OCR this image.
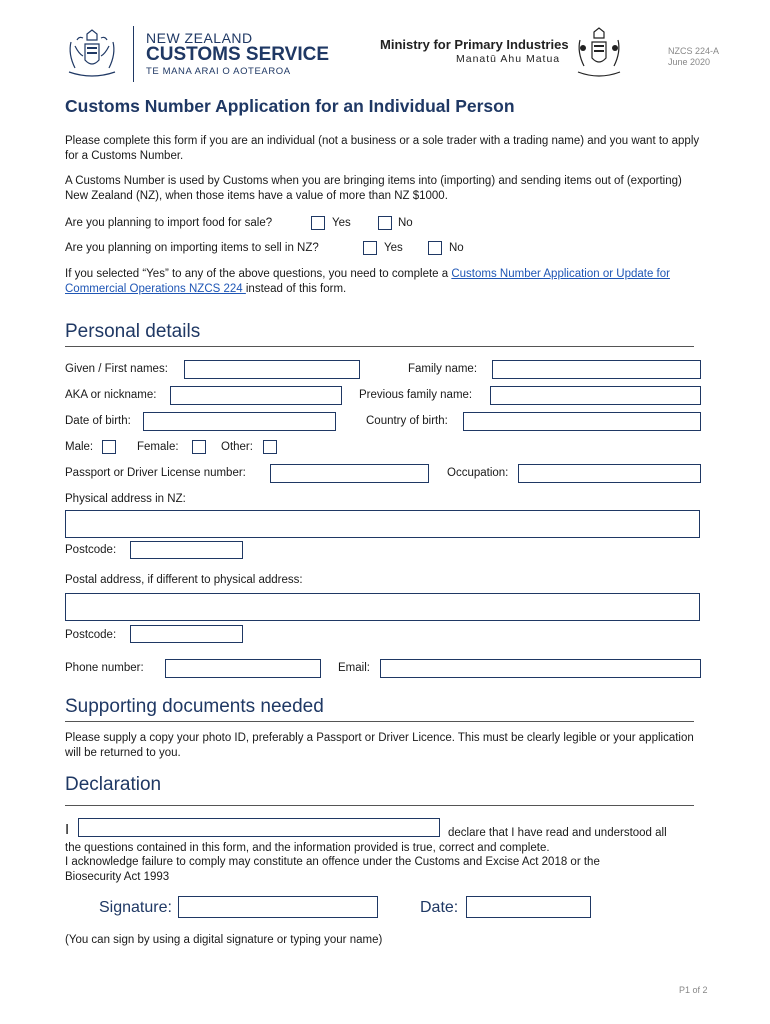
NEW ZEALAND
CUSTOMS SERVICE
TE MANA ARAI O AOTEAROA
Ministry for Primary Industries
Manatū Ahu Matua
NZCS 224-A
June 2020
Customs Number Application for an Individual Person
Please complete this form if you are an individual (not a business or a sole trader with a trading name) and you want to apply for a Customs Number.
A Customs Number is used by Customs when you are bringing items into (importing) and sending items out of (exporting) New Zealand (NZ), when those items have a value of more than NZ $1000.
Are you planning to import food for sale?	Yes	No
Are you planning on importing items to sell in NZ?	Yes	No
If you selected “Yes” to any of the above questions, you need to complete a Customs Number Application or Update for Commercial Operations NZCS 224 instead of this form.
Personal details
Given / First names:	Family name:
AKA or nickname:	Previous family name:
Date of birth:	Country of birth:
Male:	Female:	Other:
Passport or Driver License number:	Occupation:
Physical address in NZ:
Postcode:
Postal address, if different to physical address:
Postcode:
Phone number:	Email:
Supporting documents needed
Please supply a copy your photo ID, preferably a Passport or Driver Licence. This must be clearly legible or your application will be returned to you.
Declaration
I	declare that I have read and understood all
the questions contained in this form, and the information provided is true, correct and complete.
I acknowledge failure to comply may constitute an offence under the Customs and Excise Act 2018 or the
Biosecurity Act 1993
Signature:	Date:
(You can sign by using a digital signature or typing your name)
P1 of 2
